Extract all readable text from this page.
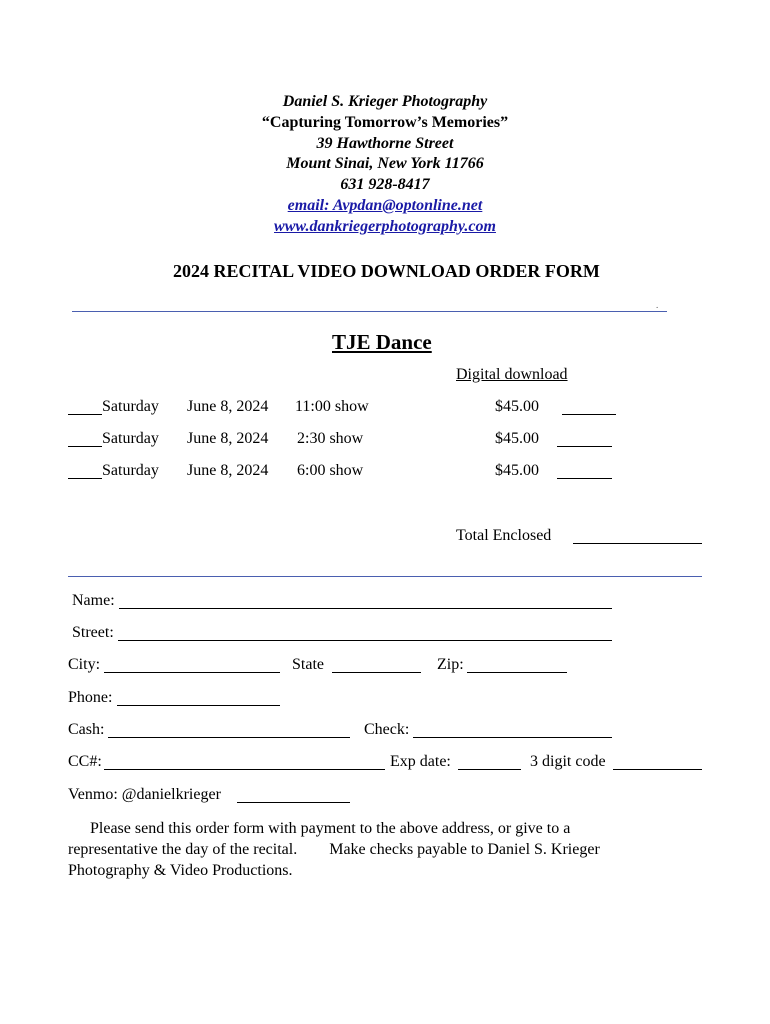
Daniel S. Krieger Photography
“Capturing Tomorrow’s Memories”
39 Hawthorne Street
Mount Sinai, New York 11766
631 928-8417
email: Avpdan@optonline.net
www.dankriegerphotography.com
2024 RECITAL VIDEO DOWNLOAD ORDER FORM
.
TJE Dance
Digital download
Saturday June 8, 2024 11:00 show	$45.00
Saturday June 8, 2024 2:30 show	$45.00
Saturday June 8, 2024 6:00 show	$45.00
Total Enclosed
Name:
Street:
City:	State	Zip:
Phone:
Cash:	Check:
CC#:	Exp date:	3 digit code
Venmo: @danielkrieger

Please send this order form with payment to the above address, or give to a

representative the day of the recital.        Make checks payable to Daniel S. Krieger

Photography & Video Productions.
